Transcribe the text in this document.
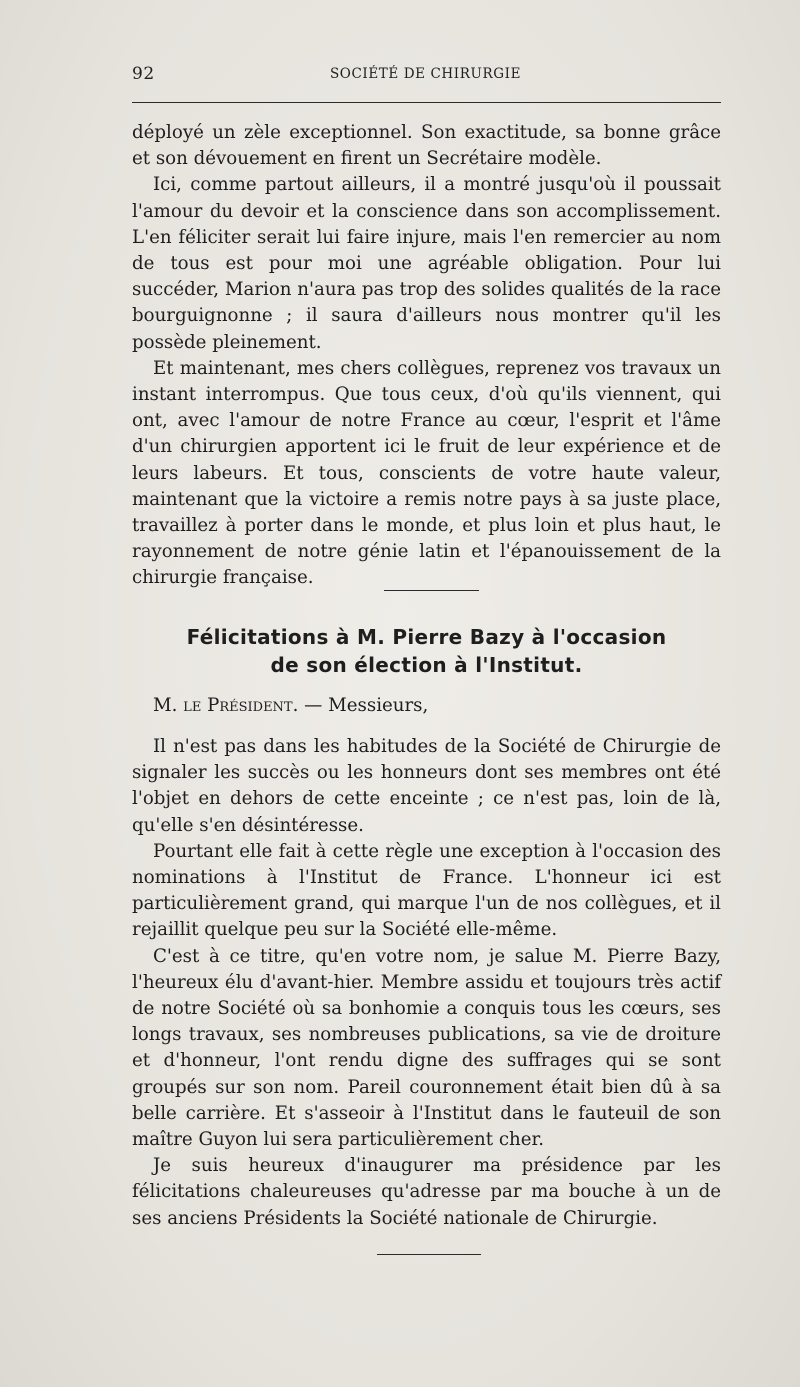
92	SOCIÉTÉ DE CHIRURGIE

déployé un zèle exceptionnel. Son exactitude, sa bonne grâce et son dévouement en firent un Secrétaire modèle.

Ici, comme partout ailleurs, il a montré jusqu'où il poussait l'amour du devoir et la conscience dans son accomplissement. L'en féliciter serait lui faire injure, mais l'en remercier au nom de tous est pour moi une agréable obligation. Pour lui succéder, Marion n'aura pas trop des solides qualités de la race bourguignonne ; il saura d'ailleurs nous montrer qu'il les possède pleinement.

Et maintenant, mes chers collègues, reprenez vos travaux un instant interrompus. Que tous ceux, d'où qu'ils viennent, qui ont, avec l'amour de notre France au cœur, l'esprit et l'âme d'un chirurgien apportent ici le fruit de leur expérience et de leurs labeurs. Et tous, conscients de votre haute valeur, maintenant que la victoire a remis notre pays à sa juste place, travaillez à porter dans le monde, et plus loin et plus haut, le rayonnement de notre génie latin et l'épanouissement de la chirurgie française.

Félicitations à M. Pierre Bazy à l'occasion
de son élection à l'Institut.
M. le Président. — Messieurs,

Il n'est pas dans les habitudes de la Société de Chirurgie de signaler les succès ou les honneurs dont ses membres ont été l'objet en dehors de cette enceinte ; ce n'est pas, loin de là, qu'elle s'en désintéresse.

Pourtant elle fait à cette règle une exception à l'occasion des nominations à l'Institut de France. L'honneur ici est particulièrement grand, qui marque l'un de nos collègues, et il rejaillit quelque peu sur la Société elle-même.

C'est à ce titre, qu'en votre nom, je salue M. Pierre Bazy, l'heureux élu d'avant-hier. Membre assidu et toujours très actif de notre Société où sa bonhomie a conquis tous les cœurs, ses longs travaux, ses nombreuses publications, sa vie de droiture et d'honneur, l'ont rendu digne des suffrages qui se sont groupés sur son nom. Pareil couronnement était bien dû à sa belle carrière. Et s'asseoir à l'Institut dans le fauteuil de son maître Guyon lui sera particulièrement cher.

Je suis heureux d'inaugurer ma présidence par les félicitations chaleureuses qu'adresse par ma bouche à un de ses anciens Présidents la Société nationale de Chirurgie.
